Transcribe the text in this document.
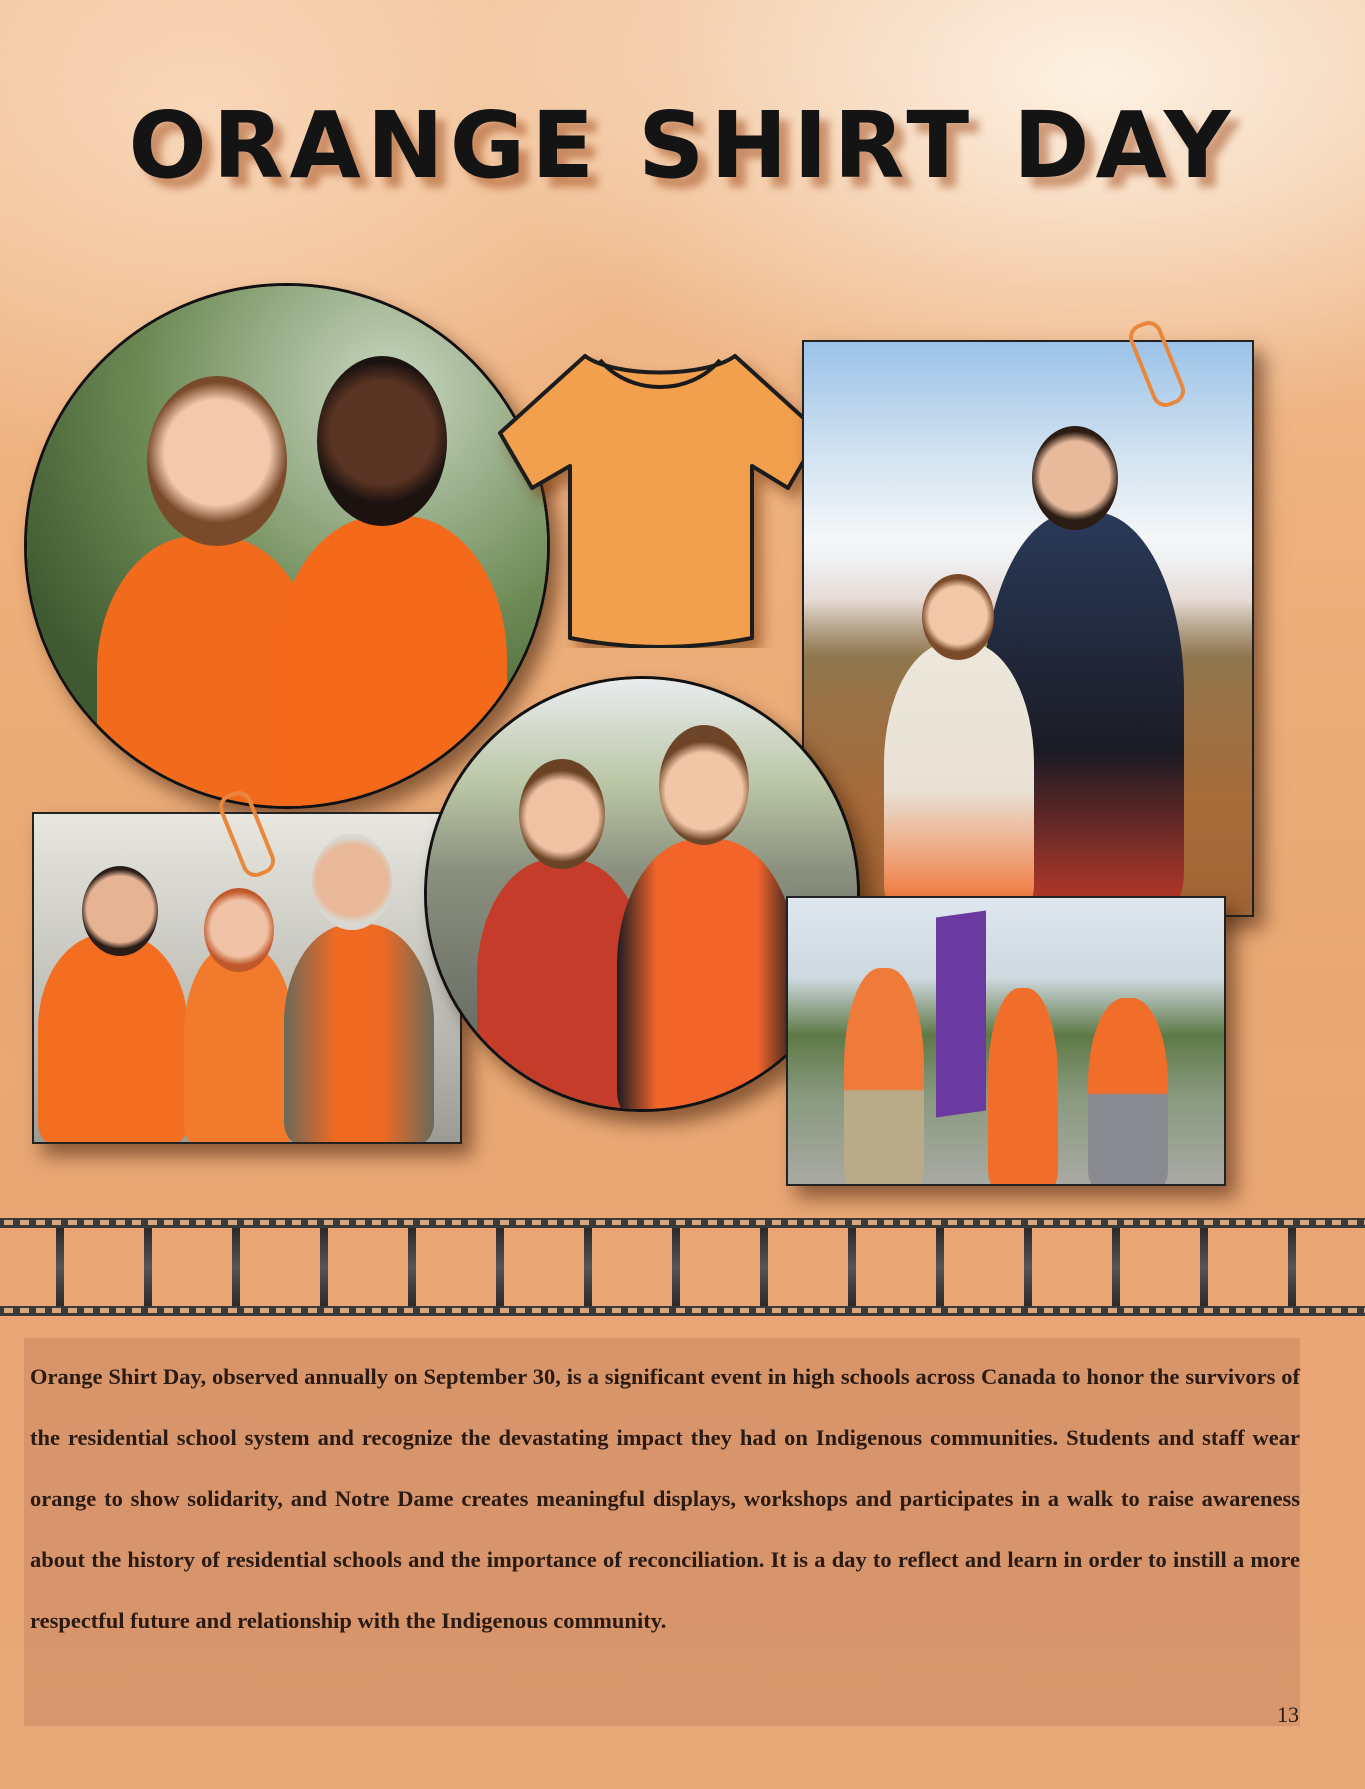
ORANGE SHIRT DAY
Orange Shirt Day, observed annually on September 30, is a significant event in high schools across Canada to honor the survivors of the residential school system and recognize the devastating impact they had on Indigenous communities. Students and staff wear orange to show solidarity, and Notre Dame creates meaningful displays, workshops and participates in a walk to raise awareness about the history of residential schools and the importance of reconciliation. It is a day to reflect and learn in order to instill a more respectful future and relationship with the Indigenous community.
13
